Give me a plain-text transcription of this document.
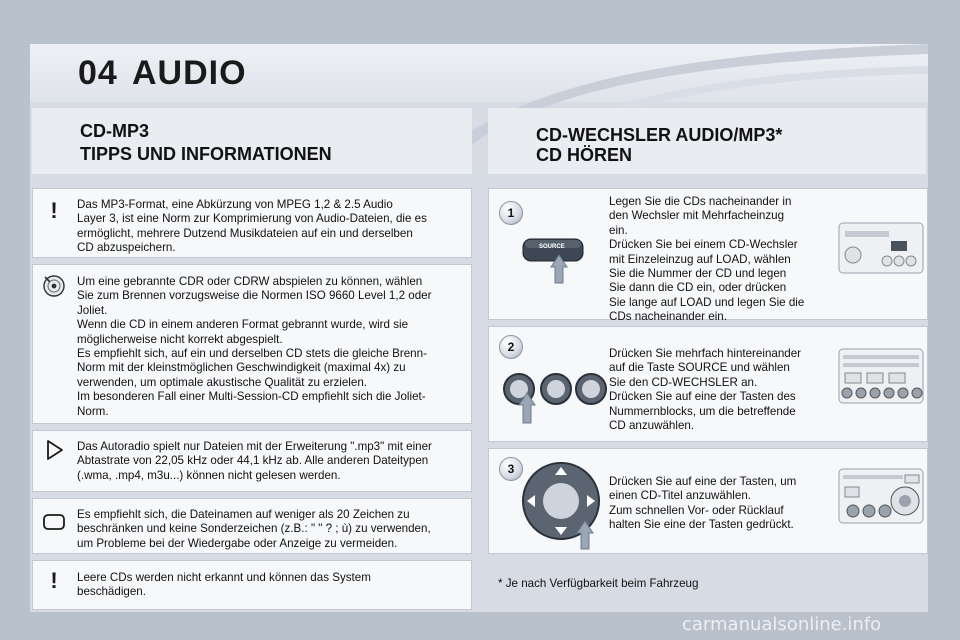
04 AUDIO
CD-MP3
TIPPS UND INFORMATIONEN
CD-WECHSLER AUDIO/MP3*
CD HÖREN
! Das MP3-Format, eine Abkürzung von MPEG 1,2 & 2.5 Audio
Layer 3, ist eine Norm zur Komprimierung von Audio-Dateien, die es
ermöglicht, mehrere Dutzend Musikdateien auf ein und derselben
CD abzuspeichern.
Um eine gebrannte CDR oder CDRW abspielen zu können, wählen
Sie zum Brennen vorzugsweise die Normen ISO 9660 Level 1,2 oder
Joliet.
Wenn die CD in einem anderen Format gebrannt wurde, wird sie
möglicherweise nicht korrekt abgespielt.
Es empfiehlt sich, auf ein und derselben CD stets die gleiche Brenn-
Norm mit der kleinstmöglichen Geschwindigkeit (maximal 4x) zu
verwenden, um optimale akustische Qualität zu erzielen.
Im besonderen Fall einer Multi-Session-CD empfiehlt sich die Joliet-
Norm.
Das Autoradio spielt nur Dateien mit der Erweiterung ".mp3" mit einer
Abtastrate von 22,05 kHz oder 44,1 kHz ab. Alle anderen Dateitypen
(.wma, .mp4, m3u...) können nicht gelesen werden.
Es empfiehlt sich, die Dateinamen auf weniger als 20 Zeichen zu
beschränken und keine Sonderzeichen (z.B.: " " ? ; ù) zu verwenden,
um Probleme bei der Wiedergabe oder Anzeige zu vermeiden.
! Leere CDs werden nicht erkannt und können das System
beschädigen.
1
SOURCE
Legen Sie die CDs nacheinander in
den Wechsler mit Mehrfacheinzug
ein.
Drücken Sie bei einem CD-Wechsler
mit Einzeleinzug auf LOAD, wählen
Sie die Nummer der CD und legen
Sie dann die CD ein, oder drücken
Sie lange auf LOAD und legen Sie die
CDs nacheinander ein.
2	Drücken Sie mehrfach hintereinander
auf die Taste SOURCE und wählen
Sie den CD-WECHSLER an.
Drücken Sie auf eine der Tasten des
Nummernblocks, um die betreffende
CD anzuwählen.
3
Drücken Sie auf eine der Tasten, um
einen CD-Titel anzuwählen.
Zum schnellen Vor- oder Rücklauf
halten Sie eine der Tasten gedrückt.
* Je nach Verfügbarkeit beim Fahrzeug
carmanualsonline.info
